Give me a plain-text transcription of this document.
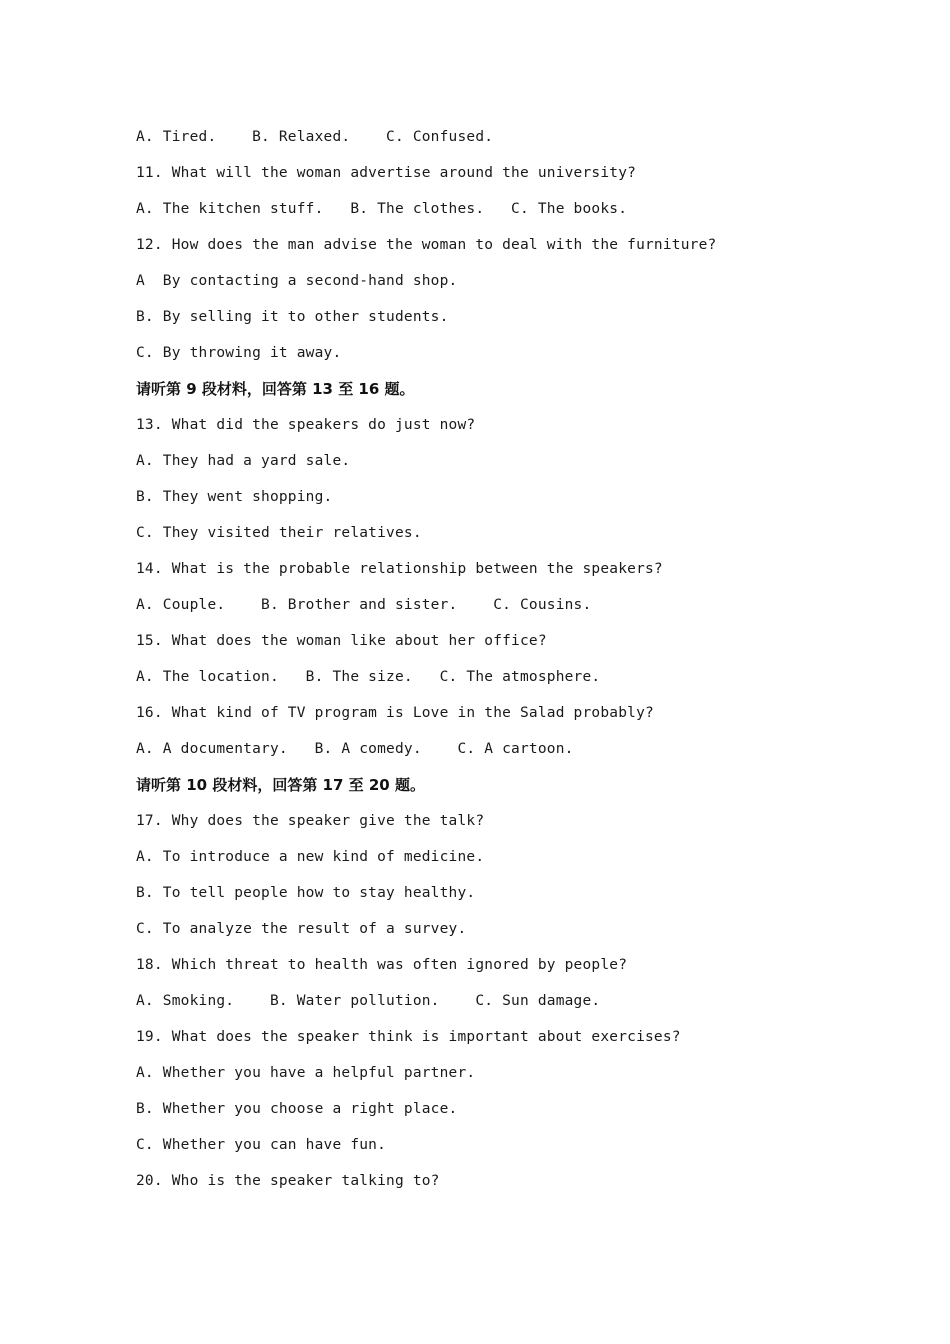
A. Tired.    B. Relaxed.    C. Confused.
11. What will the woman advertise around the university?
A. The kitchen stuff.   B. The clothes.   C. The books.
12. How does the man advise the woman to deal with the furniture?
A  By contacting a second-hand shop.
B. By selling it to other students.
C. By throwing it away.
请听第 9 段材料，回答第 13 至 16 题。
13. What did the speakers do just now?
A. They had a yard sale.
B. They went shopping.
C. They visited their relatives.
14. What is the probable relationship between the speakers?
A. Couple.    B. Brother and sister.    C. Cousins.
15. What does the woman like about her office?
A. The location.   B. The size.   C. The atmosphere.
16. What kind of TV program is Love in the Salad probably?
A. A documentary.   B. A comedy.    C. A cartoon.
请听第 10 段材料，回答第 17 至 20 题。
17. Why does the speaker give the talk?
A. To introduce a new kind of medicine.
B. To tell people how to stay healthy.
C. To analyze the result of a survey.
18. Which threat to health was often ignored by people?
A. Smoking.    B. Water pollution.    C. Sun damage.
19. What does the speaker think is important about exercises?
A. Whether you have a helpful partner.
B. Whether you choose a right place.
C. Whether you can have fun.
20. Who is the speaker talking to?
